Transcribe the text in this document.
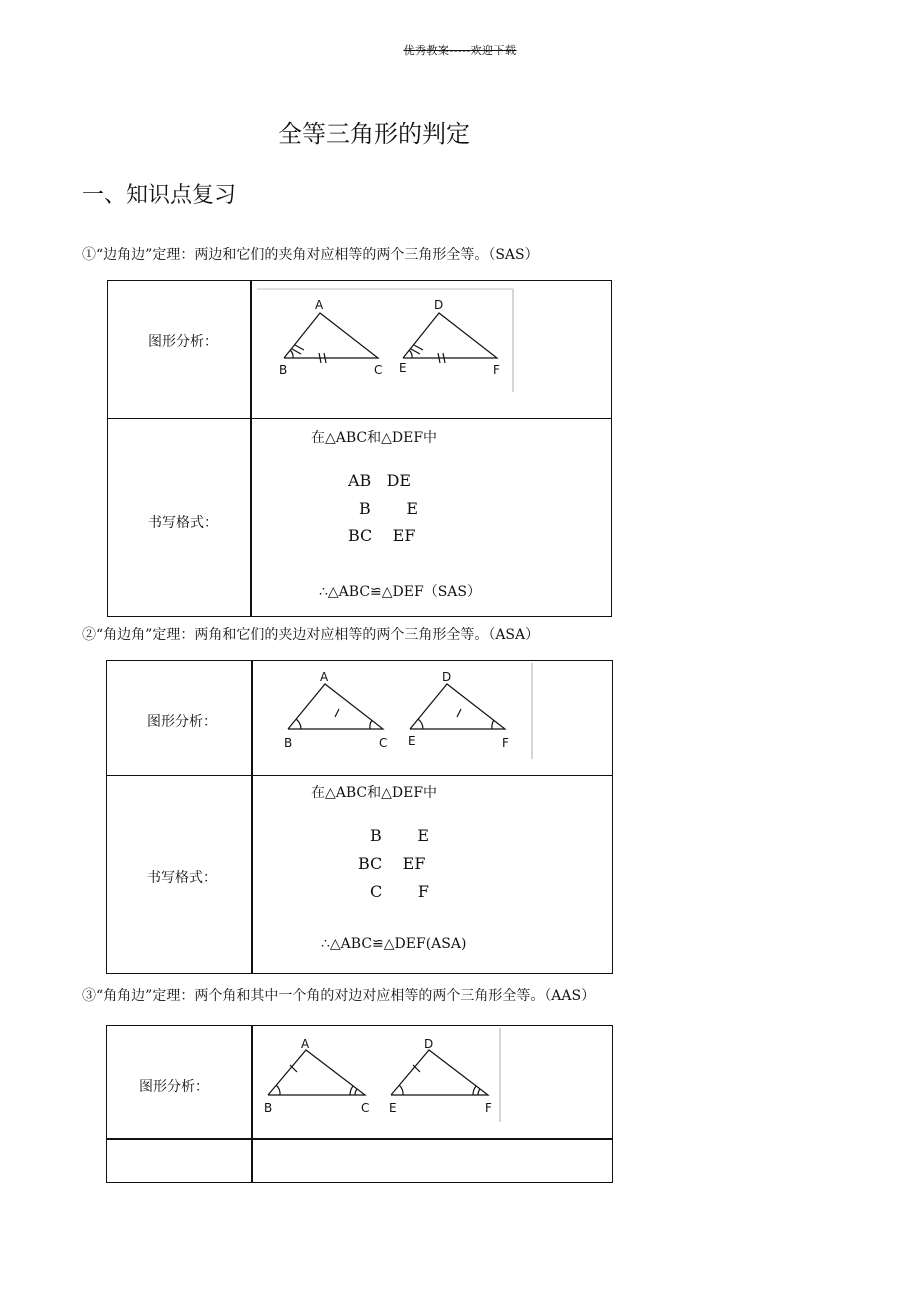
优秀教案-----欢迎下载
全等三角形的判定
一、知识点复习
①“边角边”定理：两边和它们的夹角对应相等的两个三角形全等。（SAS）
图形分析：
A
B	C
D
E	F
书写格式：
在△ABC和△DEF中
AB   DE
B       E
BC    EF
∴△ABC≌△DEF（SAS）
②“角边角”定理：两角和它们的夹边对应相等的两个三角形全等。（ASA）
图形分析：
A
B	C
D
E	F
书写格式：
在△ABC和△DEF中
B       E
BC    EF
C       F
∴△ABC≌△DEF(ASA)
③“角角边”定理：两个角和其中一个角的对边对应相等的两个三角形全等。（AAS）
图形分析：
A
B	C
D
E	F
